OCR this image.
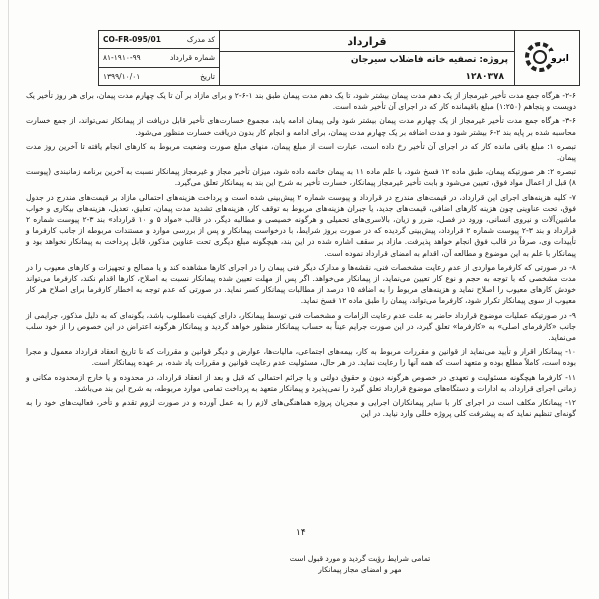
ابرو
قرارداد
پروژه:
تصفیه خانه فاضلاب سیرجان
۱۲۸۰۳۷۸
کد مدرک
CO-FR-095/01
شماره قرارداد
۸۱-۱۹۱۰-۹۹
تاریخ
۱۳۹۹/۱۰/۰۱

۲-۶- هرگاه جمع مدت تأخیر غیرمجاز از یک دهم مدت پیمان بیشتر شود، تا یک دهم مدت پیمان طبق بند ۱-۶-۲ و برای مازاد بر آن تا یک چهارم مدت پیمان، برای هر روز تأخیر یک دویست و پنجاهم (۱:۲۵۰) مبلغ باقیمانده کار که در اجرای آن تأخیر شده است.

۳-۶- هرگاه جمع مدت تأخیر غیرمجاز از یک چهارم مدت پیمان بیشتر شود ولی پیمان ادامه یابد، مجموع خسارت‌های تأخیر قابل دریافت از پیمانکار نمی‌تواند، از جمع خسارت محاسبه شده بر پایه بند ۲-۶ بیشتر شود و مدت اضافه بر یک چهارم مدت پیمان، برای ادامه و انجام کار بدون دریافت خسارت منظور می‌شود.

تبصره ۱: مبلغ باقی مانده کار که در اجرای آن تأخیر رخ داده است، عبارت است از مبلغ پیمان، منهای مبلغ صورت وضعیت مربوط به کارهای انجام یافته تا آخرین روز مدت پیمان.

تبصره ۲: هر صورتیکه پیمان، طبق ماده ۱۲ فسخ شود، با علم ماده ۱۱ به پیمان خاتمه داده شود، میزان تأخیر مجاز و غیرمجاز پیمانکار نسبت به آخرین برنامه زمانبندی (پیوست ۸) قبل از اعمال مواد فوق، تعیین می‌شود و بابت تأخیر غیرمجاز پیمانکار، خسارت تأخیر به شرح این بند به پیمانکار تعلق می‌گیرد.

۷- کلیه هزینه‌های اجرای این قرارداد، در قیمت‌های مندرج در قرارداد و پیوست شماره ۲ پیش‌بینی شده است و پرداخت هزینه‌های احتمالی مازاد بر قیمت‌های مندرج در جدول فوق، تحت عناوینی چون هزینه کارهای اضافی، قیمت‌های جدید، یا جبران هزینه‌های مربوط به توقف کار، هزینه‌های تشدید مدت پیمان، تعلیق، تعدیل، هزینه‌های بیکاری و خواب ماشین‌آلات و نیروی انسانی، ورود در فصل، ضرر و زیان، بالاسری‌های تحمیلی و هرگونه خصیصی و مطالبه دیگر، در قالب «مواد ۵ و ۱۰ قرارداد» بند ۳-۲ پیوست شماره ۲ قرارداد و بند ۳-۲ پیوست شماره ۲ قرارداد، پیش‌بینی گردیده که در صورت بروز شرایط، با درخواست پیمانکار و پس از بررسی موارد و مستندات مربوطه از جانب کارفرما و تأییدات وی، صرفاً در قالب فوق انجام خواهد پذیرفت. مازاد بر سقف اشاره شده در این بند، هیچگونه مبلغ دیگری تحت عناوین مذکور، قابل پرداخت به پیمانکار نخواهد بود و پیمانکار با علم به این موضوع و مطالعه آن، اقدام به امضای قرارداد نموده است.

۸- در صورتی که کارفرما مواردی از عدم رعایت مشخصات فنی، نقشه‌ها و مدارک دیگر فنی پیمان را در اجرای کارها مشاهده کند و یا مصالح و تجهیزات و کارهای معیوب را در مدت مشخصی که با توجه به حجم و نوع کار تعیین می‌نماید، از پیمانکار می‌خواهد. اگر پس از مهلت تعیین شده پیمانکار نسبت به اصلاح، کارها اقدام نکند، کارفرما می‌تواند خودش کارهای معیوب را اصلاح نماید و هزینه‌های مربوط را به اضافه ۱۵ درصد از مطالبات پیمانکار کسر نماید. در صورتی که عدم توجه به اخطار کارفرما برای اصلاح هر کار معیوب از سوی پیمانکار تکرار شود، کارفرما می‌تواند، پیمان را طبق ماده ۱۲ فسخ نماید.

۹- در صورتیکه عملیات موضوع قرارداد حاضر به علت عدم رعایت الزامات و مشخصات فنی توسط پیمانکار، دارای کیفیت نامطلوب باشد، بگونه‌ای که به دلیل مذکور، جرایمی از جانب «کارفرمای اصلی» به «کارفرما» تعلق گیرد، در این صورت جرایم عیناً به حساب پیمانکار منظور خواهد گردید و پیمانکار هرگونه اعتراض در این خصوص را از خود سلب می‌نماید.

۱۰- پیمانکار اقرار و تأیید می‌نماید از قوانین و مقررات مربوط به کار، بیمه‌های اجتماعی، مالیات‌ها، عوارض و دیگر قوانین و مقررات که تا تاریخ انعقاد قرارداد معمول و مجرا بوده است، کاملاً مطلع بوده و متعهد است که همه آنها را رعایت نماید. در هر حال، مسئولیت عدم رعایت قوانین و مقررات یاد شده، بر عهده پیمانکار است.

۱۱- کارفرما هیچگونه مسئولیت و تعهدی در خصوص هرگونه دیون و حقوق دولتی و یا جرائم احتمالی که قبل و بعد از انعقاد قرارداد، در محدوده و یا خارج ازمحدوده مکانی و زمانی اجرای قرارداد، به ادارات و دستگاه‌های موضوع قرارداد تعلق گیرد را نمی‌پذیرد و پیمانکار متعهد به پرداخت تمامی موارد مربوطه، به شرح این بند می‌باشد.

۱۲- پیمانکار مکلف است در اجرای کار با سایر پیمانکاران اجرایی و مجریان پروژه هماهنگی‌های لازم را به عمل آورده و در صورت لزوم تقدم و تأخر، فعالیت‌های خود را به گونه‌ای تنظیم نماید که به پیشرفت کلی پروژه خللی وارد نیاید. در این

۱۴
تمامی شرایط رؤیت گردید و مورد قبول است
مهر و امضای مجاز پیمانکار
